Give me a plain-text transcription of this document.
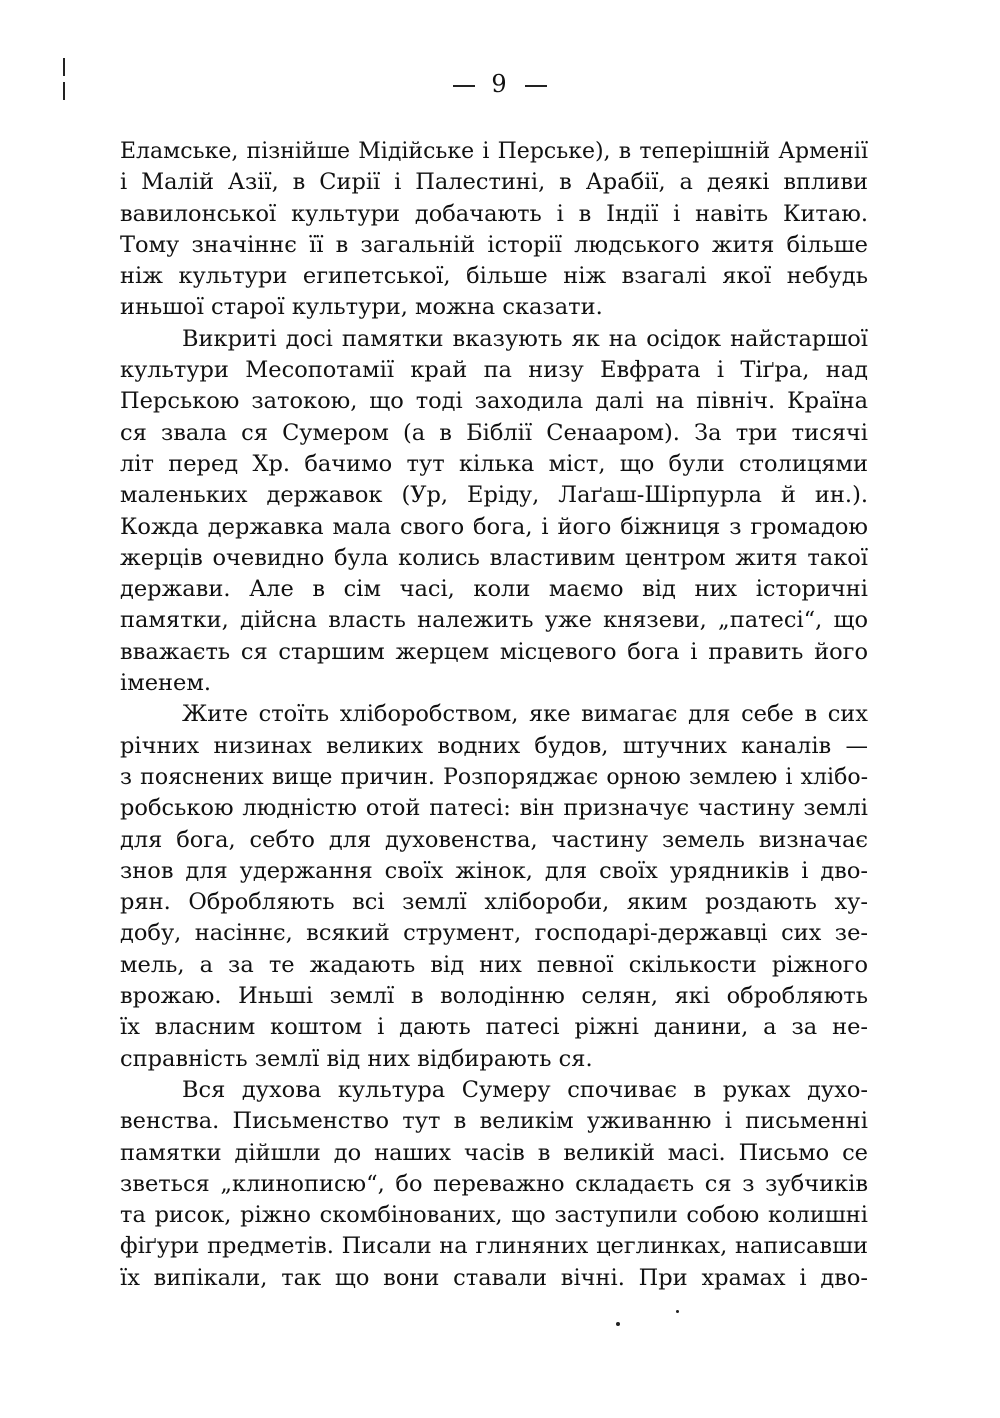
9
Еламське, пізнійше Мідійське і Перське), в теперішній Арменії
і Малій Азії, в Сирії і Палестині, в Арабії, а деякі впливи
вавилонської культури добачають і в Індії і навіть Китаю.
Тому значіннє її в загальній історії людського житя більше
ніж культури египетської, більше ніж взагалі якої небудь
иньшої старої культури, можна сказати.
Викриті досі памятки вказують як на осідок найстаршої
культури Месопотамії край па низу Евфрата і Тіґра, над
Перською затокою, що тоді заходила далі на північ. Країна
ся звала ся Сумером (а в Біблії Сенааром). За три тисячі
літ перед Хр. бачимо тут кілька міст, що були столицями
маленьких державок (Ур, Еріду, Лаґаш-Шірпурла й ин.).
Кожда державка мала свого бога, і його біжниця з громадою
жерців очевидно була колись властивим центром житя такої
держави. Але в сім часі, коли маємо від них історичні
памятки, дійсна власть належить уже князеви, „патесі“, що
вважаєть ся старшим жерцем місцевого бога і править його
іменем.
Жите стоїть хліборобством, яке вимагає для себе в сих
річних низинах великих водних будов, штучних каналів —
з пояснених вище причин. Розпоряджає орною землею і хлібо-
робською людністю отой патесі: він призначує частину землі
для бога, себто для духовенства, частину земель визначає
знов для удержання своїх жінок, для своїх урядників і дво-
рян. Обробляють всі землї хлібороби, яким роздають ху-
добу, насіннє, всякий струмент, господарі-державці сих зе-
мель, а за те жадають від них певної скількости ріжного
врожаю. Иньші землї в володінню селян, які обробляють
їх власним коштом і дають патесі ріжні данини, а за не-
справність землї від них відбирають ся.
Вся духова культура Сумеру спочиває в руках духо-
венства. Письменство тут в великім уживанню і письменні
памятки дійшли до наших часів в великій масі. Письмо се
зветься „клинописю“, бо переважно складаєть ся з зубчиків
та рисок, ріжно скомбінованих, що заступили собою колишні
фіґури предметів. Писали на глиняних цеглинках, написавши
їх випікали, так що вони ставали вічні. При храмах і дво-
